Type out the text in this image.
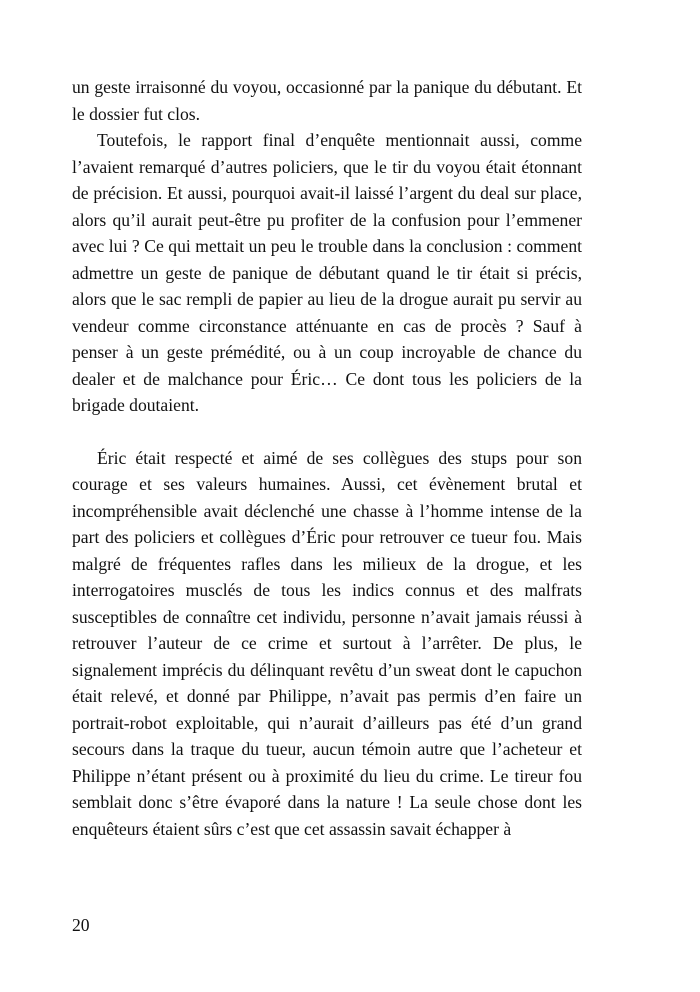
un geste irraisonné du voyou, occasionné par la panique du débutant. Et le dossier fut clos.

Toutefois, le rapport final d’enquête mentionnait aussi, comme l’avaient remarqué d’autres policiers, que le tir du voyou était étonnant de précision. Et aussi, pourquoi avait-il laissé l’argent du deal sur place, alors qu’il aurait peut-être pu profiter de la confusion pour l’emmener avec lui ? Ce qui mettait un peu le trouble dans la conclusion : comment admettre un geste de panique de débutant quand le tir était si précis, alors que le sac rempli de papier au lieu de la drogue aurait pu servir au vendeur comme circonstance atténuante en cas de procès ? Sauf à penser à un geste prémédité, ou à un coup incroyable de chance du dealer et de malchance pour Éric… Ce dont tous les policiers de la brigade doutaient.

Éric était respecté et aimé de ses collègues des stups pour son courage et ses valeurs humaines. Aussi, cet évènement brutal et incompréhensible avait déclenché une chasse à l’homme intense de la part des policiers et collègues d’Éric pour retrouver ce tueur fou. Mais malgré de fréquentes rafles dans les milieux de la drogue, et les interrogatoires musclés de tous les indics connus et des malfrats susceptibles de connaître cet individu, personne n’avait jamais réussi à retrouver l’auteur de ce crime et surtout à l’arrêter. De plus, le signalement imprécis du délinquant revêtu d’un sweat dont le capuchon était relevé, et donné par Philippe, n’avait pas permis d’en faire un portrait-robot exploitable, qui n’aurait d’ailleurs pas été d’un grand secours dans la traque du tueur, aucun témoin autre que l’acheteur et Philippe n’étant présent ou à proximité du lieu du crime. Le tireur fou semblait donc s’être évaporé dans la nature ! La seule chose dont les enquêteurs étaient sûrs c’est que cet assassin savait échapper à

20
